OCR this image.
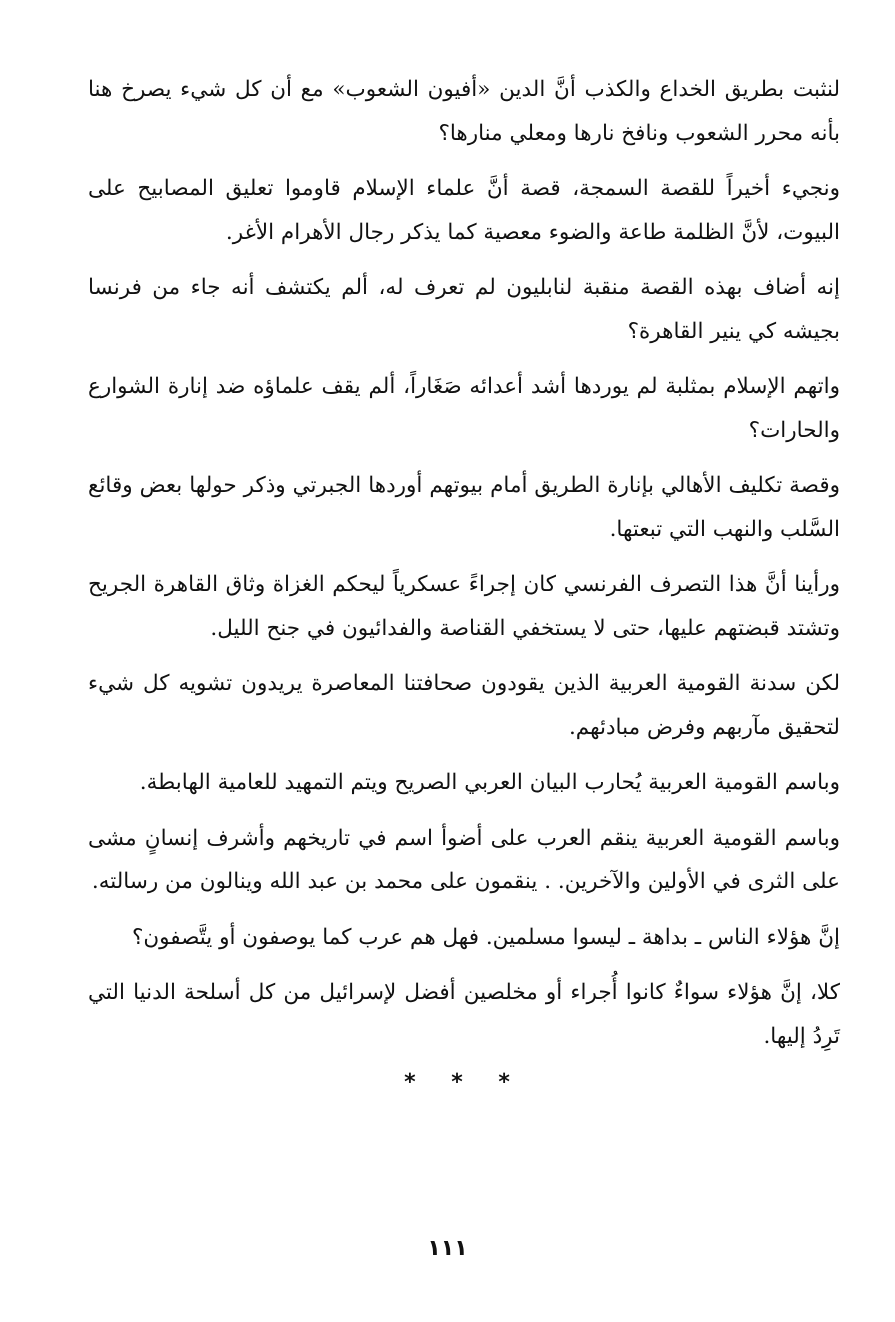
لنثبت بطريق الخداع والكذب أنَّ الدين «أفيون الشعوب» مع أن كل شيء يصرخ هنا بأنه محرر الشعوب ونافخ نارها ومعلي منارها؟

ونجيء أخيراً للقصة السمجة، قصة أنَّ علماء الإسلام قاوموا تعليق المصابيح على البيوت، لأنَّ الظلمة طاعة والضوء معصية كما يذكر رجال الأهرام الأغر.

إنه أضاف بهذه القصة منقبة لنابليون لم تعرف له، ألم يكتشف أنه جاء من فرنسا بجيشه كي ينير القاهرة؟

واتهم الإسلام بمثلبة لم يوردها أشد أعدائه صَغَاراً، ألم يقف علماؤه ضد إنارة الشوارع والحارات؟

وقصة تكليف الأهالي بإنارة الطريق أمام بيوتهم أوردها الجبرتي وذكر حولها بعض وقائع السَّلب والنهب التي تبعتها.

ورأينا أنَّ هذا التصرف الفرنسي كان إجراءً عسكرياً ليحكم الغزاة وثاق القاهرة الجريح وتشتد قبضتهم عليها، حتى لا يستخفي القناصة والفدائيون في جنح الليل.

لكن سدنة القومية العربية الذين يقودون صحافتنا المعاصرة يريدون تشويه كل شيء لتحقيق مآربهم وفرض مبادئهم.

وباسم القومية العربية يُحارب البيان العربي الصريح ويتم التمهيد للعامية الهابطة.

وباسم القومية العربية ينقم العرب على أضوأ اسم في تاريخهم وأشرف إنسانٍ مشى على الثرى في الأولين والآخرين. . ينقمون على محمد بن عبد الله وينالون من رسالته.

إنَّ هؤلاء الناس ـ بداهة ـ ليسوا مسلمين. فهل هم عرب كما يوصفون أو يتَّصفون؟

كلا، إنَّ هؤلاء سواءٌ كانوا أُجراء أو مخلصين أفضل لإسرائيل من كل أسلحة الدنيا التي تَرِدُ إليها.

* * *
١١١
